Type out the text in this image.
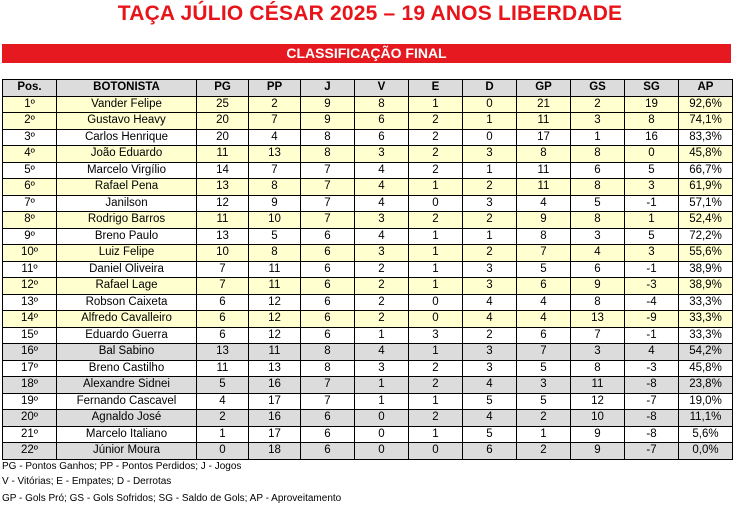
TAÇA JÚLIO CÉSAR 2025 – 19 ANOS LIBERDADE
CLASSIFICAÇÃO FINAL
Pos.	BOTONISTA	PG	PP	J	V	E	D	GP	GS	SG	AP
1º	Vander Felipe	25	2	9	8	1	0	21	2	19	92,6%
2º	Gustavo Heavy	20	7	9	6	2	1	11	3	8	74,1%
3º	Carlos Henrique	20	4	8	6	2	0	17	1	16	83,3%
4º	João Eduardo	11	13	8	3	2	3	8	8	0	45,8%
5º	Marcelo Virgílio	14	7	7	4	2	1	11	6	5	66,7%
6º	Rafael Pena	13	8	7	4	1	2	11	8	3	61,9%
7º	Janilson	12	9	7	4	0	3	4	5	-1	57,1%
8º	Rodrigo Barros	11	10	7	3	2	2	9	8	1	52,4%
9º	Breno Paulo	13	5	6	4	1	1	8	3	5	72,2%
10º	Luiz Felipe	10	8	6	3	1	2	7	4	3	55,6%
11º	Daniel Oliveira	7	11	6	2	1	3	5	6	-1	38,9%
12º	Rafael Lage	7	11	6	2	1	3	6	9	-3	38,9%
13º	Robson Caixeta	6	12	6	2	0	4	4	8	-4	33,3%
14º	Alfredo Cavalleiro	6	12	6	2	0	4	4	13	-9	33,3%
15º	Eduardo Guerra	6	12	6	1	3	2	6	7	-1	33,3%
16º	Bal Sabino	13	11	8	4	1	3	7	3	4	54,2%
17º	Breno Castilho	11	13	8	3	2	3	5	8	-3	45,8%
18º	Alexandre Sidnei	5	16	7	1	2	4	3	11	-8	23,8%
19º	Fernando Cascavel	4	17	7	1	1	5	5	12	-7	19,0%
20º	Agnaldo José	2	16	6	0	2	4	2	10	-8	11,1%
21º	Marcelo Italiano	1	17	6	0	1	5	1	9	-8	5,6%
22º	Júnior Moura	0	18	6	0	0	6	2	9	-7	0,0%
PG - Pontos Ganhos; PP - Pontos Perdidos; J - Jogos
V - Vitórias; E - Empates; D - Derrotas
GP - Gols Pró; GS - Gols Sofridos; SG - Saldo de Gols; AP - Aproveitamento
